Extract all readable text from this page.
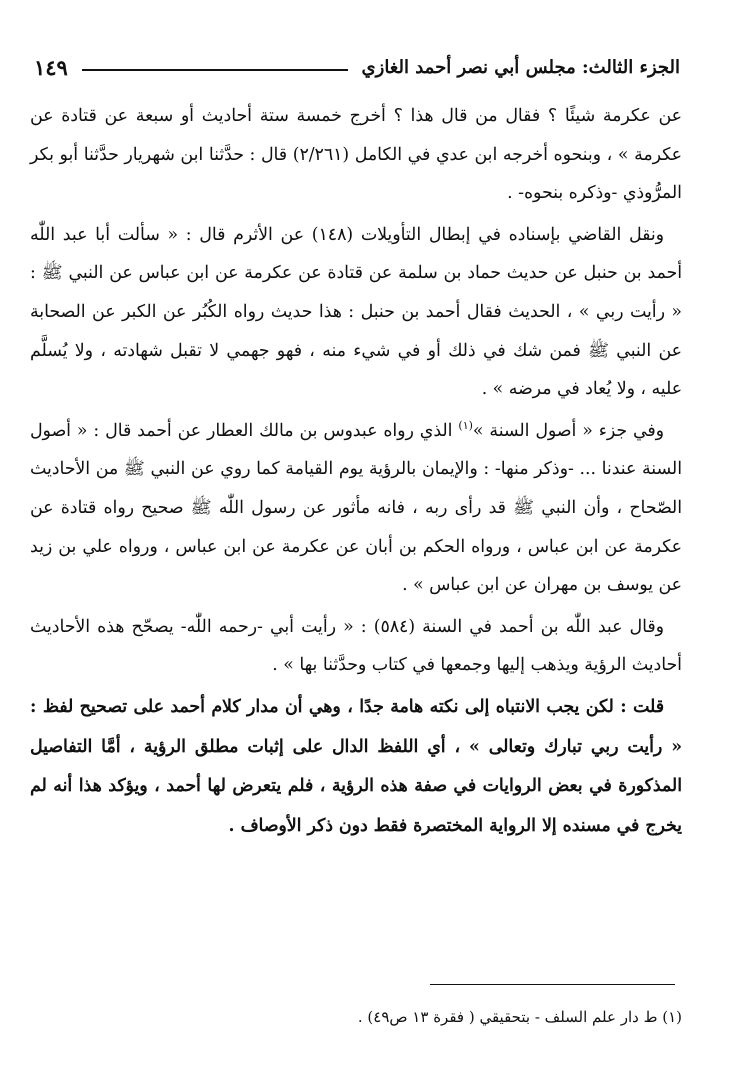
الجزء الثالث: مجلس أبي نصر أحمد الغازي
١٤٩

عن عكرمة شيئًا ؟ فقال من قال هذا ؟ أخرج خمسة ستة أحاديث أو سبعة عن قتادة عن عكرمة » ، وبنحوه أخرجه ابن عدي في الكامل (٢/٢٦١) قال : حدَّثنا ابن شهريار حدَّثنا أبو بكر المرُّوذي -وذكره بنحوه- .

ونقل القاضي بإسناده في إبطال التأويلات (١٤٨) عن الأثرم قال : « سألت أبا عبد اللّٰه أحمد بن حنبل عن حديث حماد بن سلمة عن قتادة عن عكرمة عن ابن عباس عن النبي ﷺ : « رأيت ربي » ، الحديث فقال أحمد بن حنبل : هذا حديث رواه الكُبُر عن الكبر عن الصحابة عن النبي ﷺ فمن شك في ذلك أو في شيء منه ، فهو جهمي لا تقبل شهادته ، ولا يُسلَّم عليه ، ولا يُعاد في مرضه » .

وفي جزء « أصول السنة »$^{(١)}$ الذي رواه عبدوس بن مالك العطار عن أحمد قال : « أصول السنة عندنا ... -وذكر منها- : والإيمان بالرؤية يوم القيامة كما روي عن النبي ﷺ من الأحاديث الصّحاح ، وأن النبي ﷺ قد رأى ربه ، فانه مأثور عن رسول اللّٰه ﷺ صحيح رواه قتادة عن عكرمة عن ابن عباس ، ورواه الحكم بن أبان عن عكرمة عن ابن عباس ، ورواه علي بن زيد عن يوسف بن مهران عن ابن عباس » .

وقال عبد اللّٰه بن أحمد في السنة (٥٨٤) : « رأيت أبي -رحمه اللّٰه- يصحّح هذه الأحاديث أحاديث الرؤية ويذهب إليها وجمعها في كتاب وحدَّثنا بها » .

قلت : لكن يجب الانتباه إلى نكته هامة جدًا ، وهي أن مدار كلام أحمد على تصحيح لفظ : « رأيت ربي تبارك وتعالى » ، أي اللفظ الدال على إثبات مطلق الرؤية ، أمَّا التفاصيل المذكورة في بعض الروايات في صفة هذه الرؤية ، فلم يتعرض لها أحمد ، ويؤكد هذا أنه لم يخرج في مسنده إلا الرواية المختصرة فقط دون ذكر الأوصاف .

(١) ط دار علم السلف - بتحقيقي ( فقرة ١٣ ص٤٩) .
